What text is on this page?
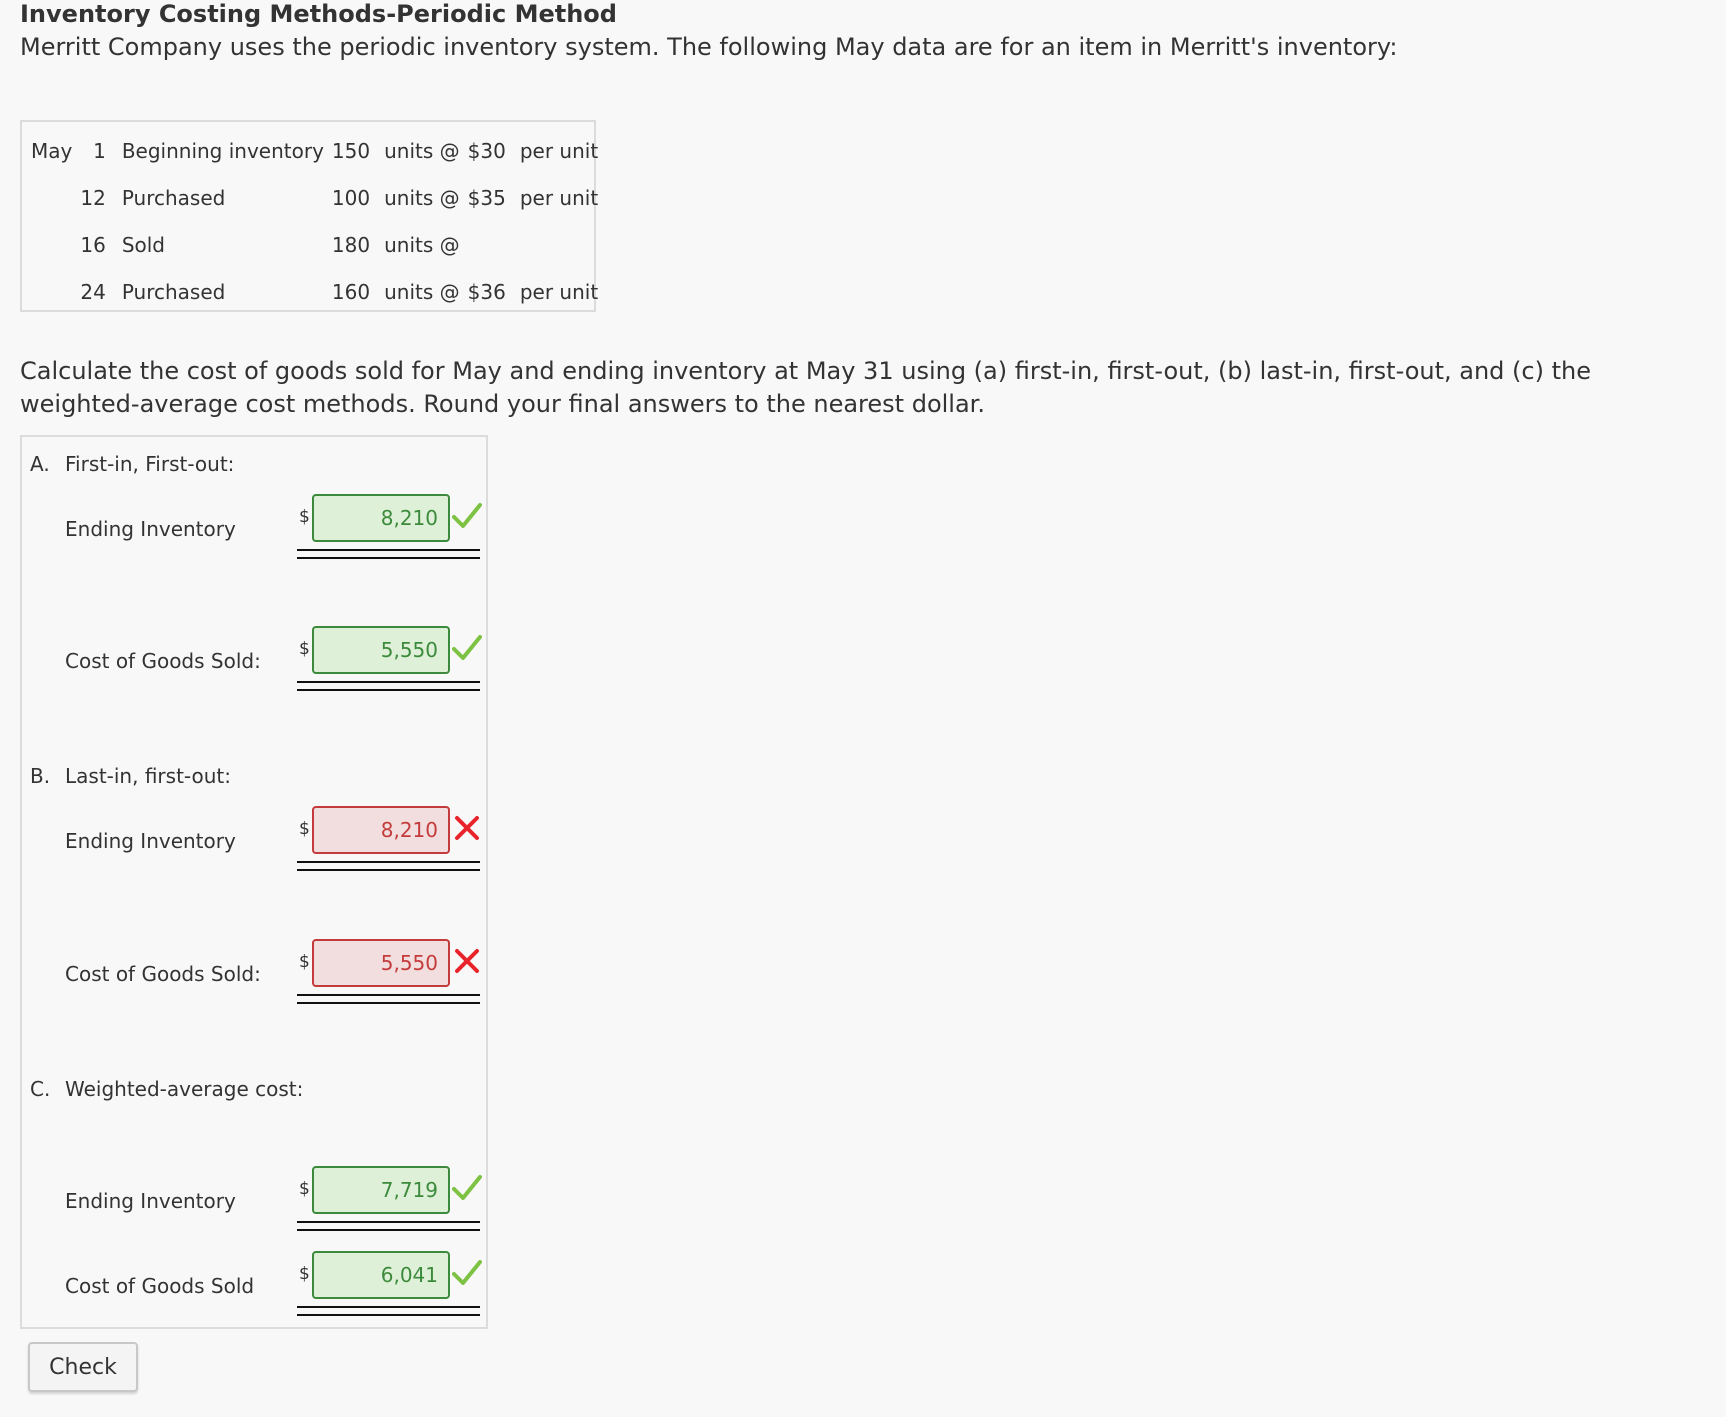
Inventory Costing Methods-Periodic Method
Merritt Company uses the periodic inventory system. The following May data are for an item in Merritt's inventory:
May	1	Beginning inventory	150	units @	$30	per unit
	12	Purchased	100	units @	$35	per unit
	16	Sold	180	units @		
	24	Purchased	160	units @	$36	per unit
Calculate the cost of goods sold for May and ending inventory at May 31 using (a) first-in, first-out, (b) last-in, first-out, and (c) the weighted-average cost methods. Round your final answers to the nearest dollar.
A. First-in, First-out:
Ending Inventory	$
8,210
Cost of Goods Sold: $
5,550
B. Last-in, first-out:
Ending Inventory	$
8,210
Cost of Goods Sold: $
5,550
C. Weighted-average cost:
Ending Inventory	$
7,719
Cost of Goods Sold	$
6,041
Check
